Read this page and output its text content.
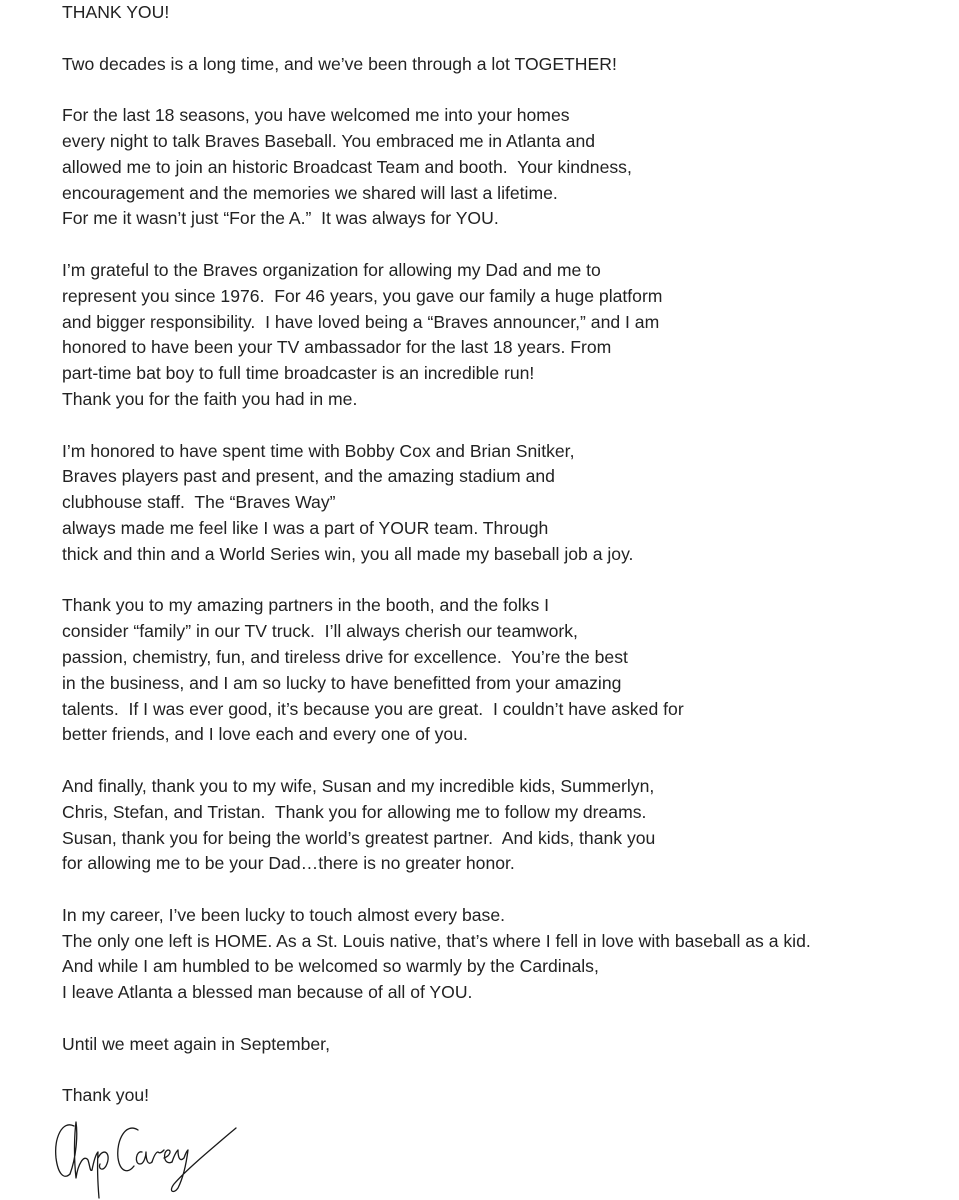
THANK YOU!
Two decades is a long time, and we’ve been through a lot TOGETHER!
For the last 18 seasons, you have welcomed me into your homes
every night to talk Braves Baseball. You embraced me in Atlanta and
allowed me to join an historic Broadcast Team and booth.  Your kindness,
encouragement and the memories we shared will last a lifetime.
For me it wasn’t just “For the A.”  It was always for YOU.
I’m grateful to the Braves organization for allowing my Dad and me to
represent you since 1976.  For 46 years, you gave our family a huge platform
and bigger responsibility.  I have loved being a “Braves announcer,” and I am
honored to have been your TV ambassador for the last 18 years. From
part-time bat boy to full time broadcaster is an incredible run!
Thank you for the faith you had in me.
I’m honored to have spent time with Bobby Cox and Brian Snitker,
Braves players past and present, and the amazing stadium and
clubhouse staff.  The “Braves Way”
always made me feel like I was a part of YOUR team. Through
thick and thin and a World Series win, you all made my baseball job a joy.
Thank you to my amazing partners in the booth, and the folks I
consider “family” in our TV truck.  I’ll always cherish our teamwork,
passion, chemistry, fun, and tireless drive for excellence.  You’re the best
in the business, and I am so lucky to have benefitted from your amazing
talents.  If I was ever good, it’s because you are great.  I couldn’t have asked for
better friends, and I love each and every one of you.
And finally, thank you to my wife, Susan and my incredible kids, Summerlyn,
Chris, Stefan, and Tristan.  Thank you for allowing me to follow my dreams.
Susan, thank you for being the world’s greatest partner.  And kids, thank you
for allowing me to be your Dad…there is no greater honor.
In my career, I’ve been lucky to touch almost every base.
The only one left is HOME. As a St. Louis native, that’s where I fell in love with baseball as a kid.
And while I am humbled to be welcomed so warmly by the Cardinals,
I leave Atlanta a blessed man because of all of YOU.
Until we meet again in September,
Thank you!
